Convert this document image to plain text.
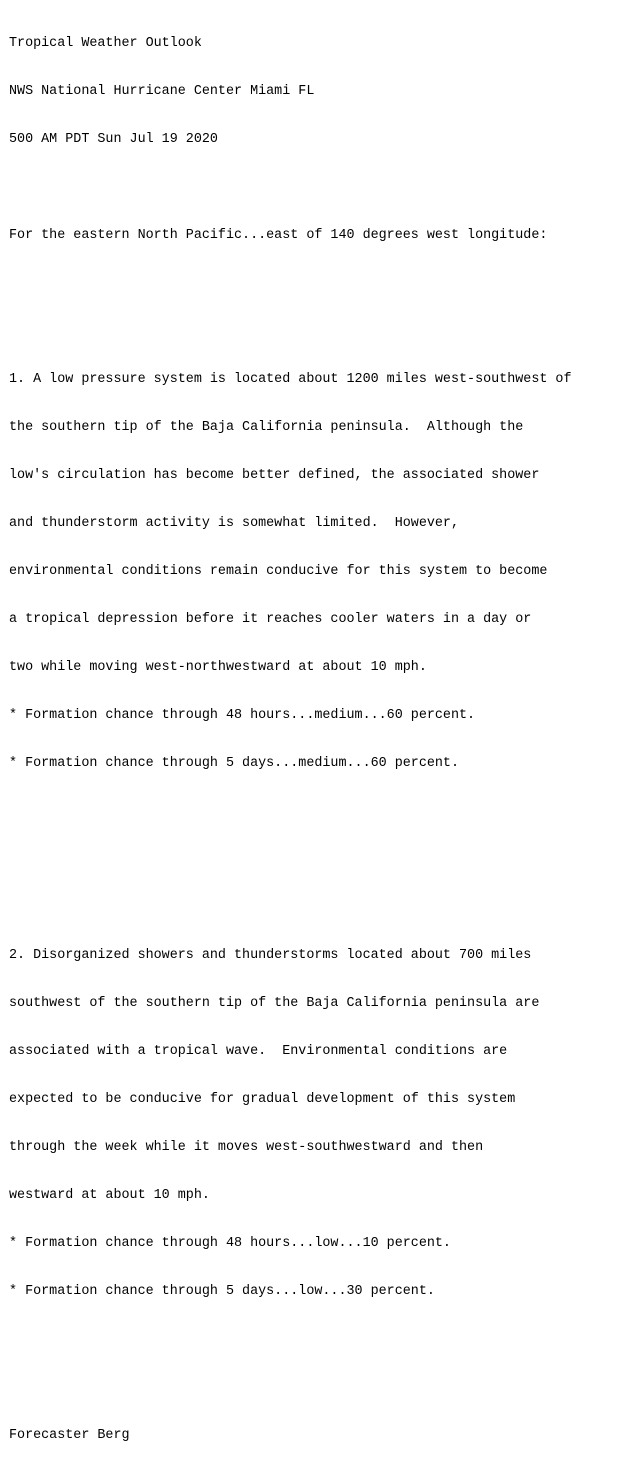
Tropical Weather Outlook

NWS National Hurricane Center Miami FL

500 AM PDT Sun Jul 19 2020

For the eastern North Pacific...east of 140 degrees west longitude:

1. A low pressure system is located about 1200 miles west-southwest of

the southern tip of the Baja California peninsula.  Although the

low's circulation has become better defined, the associated shower

and thunderstorm activity is somewhat limited.  However,

environmental conditions remain conducive for this system to become

a tropical depression before it reaches cooler waters in a day or

two while moving west-northwestward at about 10 mph.

* Formation chance through 48 hours...medium...60 percent.

* Formation chance through 5 days...medium...60 percent.

2. Disorganized showers and thunderstorms located about 700 miles

southwest of the southern tip of the Baja California peninsula are

associated with a tropical wave.  Environmental conditions are

expected to be conducive for gradual development of this system

through the week while it moves west-southwestward and then

westward at about 10 mph.

* Formation chance through 48 hours...low...10 percent.

* Formation chance through 5 days...low...30 percent.

Forecaster Berg
